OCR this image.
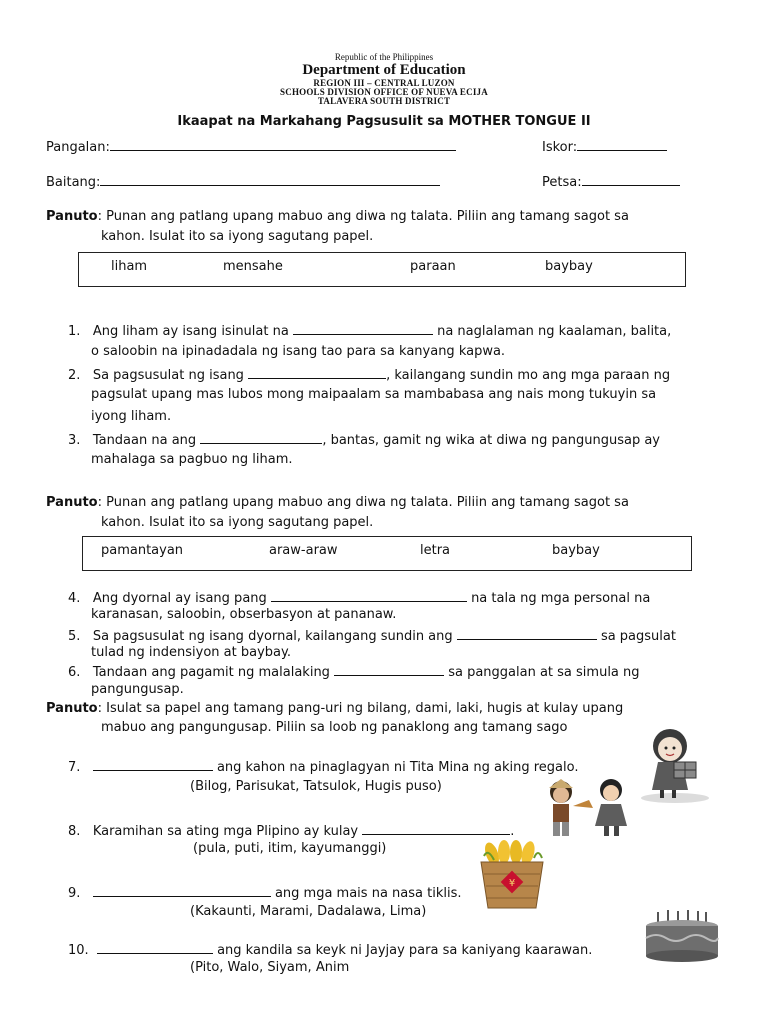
Republic of the Philippines
Department of Education
REGION III – CENTRAL LUZON
SCHOOLS DIVISION OFFICE OF NUEVA ECIJA
TALAVERA SOUTH DISTRICT
Ikaapat na Markahang Pagsusulit sa MOTHER TONGUE II
Pangalan:	Iskor:
Baitang:	Petsa:
Panuto: Punan ang patlang upang mabuo ang diwa ng talata. Piliin ang tamang sagot sa
kahon. Isulat ito sa iyong sagutang papel.
liham	mensahe	paraan	baybay
1. Ang liham ay isang isinulat na	na naglalaman ng kaalaman, balita,
o saloobin na ipinadadala ng isang tao para sa kanyang kapwa.
2. Sa pagsusulat ng isang	, kailangang sundin mo ang mga paraan ng
pagsulat upang mas lubos mong maipaalam sa mambabasa ang nais mong tukuyin sa
iyong liham.
3. Tandaan na ang	, bantas, gamit ng wika at diwa ng pangungusap ay
mahalaga sa pagbuo ng liham.
Panuto: Punan ang patlang upang mabuo ang diwa ng talata. Piliin ang tamang sagot sa
kahon. Isulat ito sa iyong sagutang papel.
pamantayan	araw-araw	letra	baybay
4. Ang dyornal ay isang pang	na tala ng mga personal na
karanasan, saloobin, obserbasyon at pananaw.
5. Sa pagsusulat ng isang dyornal, kailangang sundin ang	sa pagsulat
tulad ng indensiyon at baybay.
6. Tandaan ang pagamit ng malalaking	sa panggalan at sa simula ng
pangungusap.
Panuto: Isulat sa papel ang tamang pang-uri ng bilang, dami, laki, hugis at kulay upang
mabuo ang pangungusap. Piliin sa loob ng panaklong ang tamang sago
7.	ang kahon na pinaglagyan ni Tita Mina ng aking regalo.
(Bilog, Parisukat, Tatsulok, Hugis puso)
8. Karamihan sa ating mga Plipino ay kulay	.
(pula, puti, itim, kayumanggi)
9.	ang mga mais na nasa tiklis.
(Kakaunti, Marami, Dadalawa, Lima)
10.	ang kandila sa keyk ni Jayjay para sa kaniyang kaarawan.
(Pito, Walo, Siyam, Anim
¥
